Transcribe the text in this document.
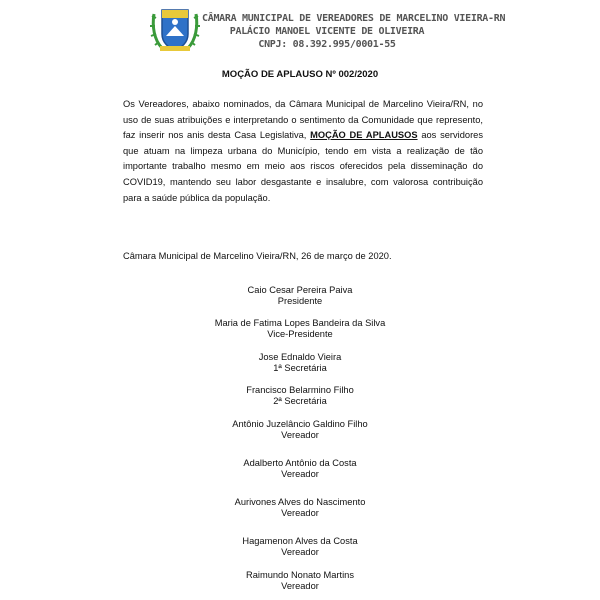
CÂMARA MUNICIPAL DE VEREADORES DE MARCELINO VIEIRA-RN
PALÁCIO MANOEL VICENTE DE OLIVEIRA
CNPJ: 08.392.995/0001-55
MOÇÃO DE APLAUSO Nº 002/2020
Os Vereadores, abaixo nominados, da Câmara Municipal de Marcelino Vieira/RN, no uso de suas atribuições e interpretando o sentimento da Comunidade que represento, faz inserir nos anis desta Casa Legislativa, MOÇÃO DE APLAUSOS aos servidores que atuam na limpeza urbana do Município, tendo em vista a realização de tão importante trabalho mesmo em meio aos riscos oferecidos pela disseminação do COVID19, mantendo seu labor desgastante e insalubre, com valorosa contribuição para a saúde pública da população.
Câmara Municipal de Marcelino Vieira/RN, 26 de março de 2020.
Caio Cesar Pereira Paiva
Presidente
Maria de Fatima Lopes Bandeira da Silva
Vice-Presidente
Jose Ednaldo Vieira
1ª Secretária
Francisco Belarmino Filho
2ª Secretária
Antônio Juzelâncio Galdino Filho
Vereador
Adalberto Antônio da Costa
Vereador
Aurivones Alves do Nascimento
Vereador
Hagamenon Alves da Costa
Vereador
Raimundo Nonato Martins
Vereador
